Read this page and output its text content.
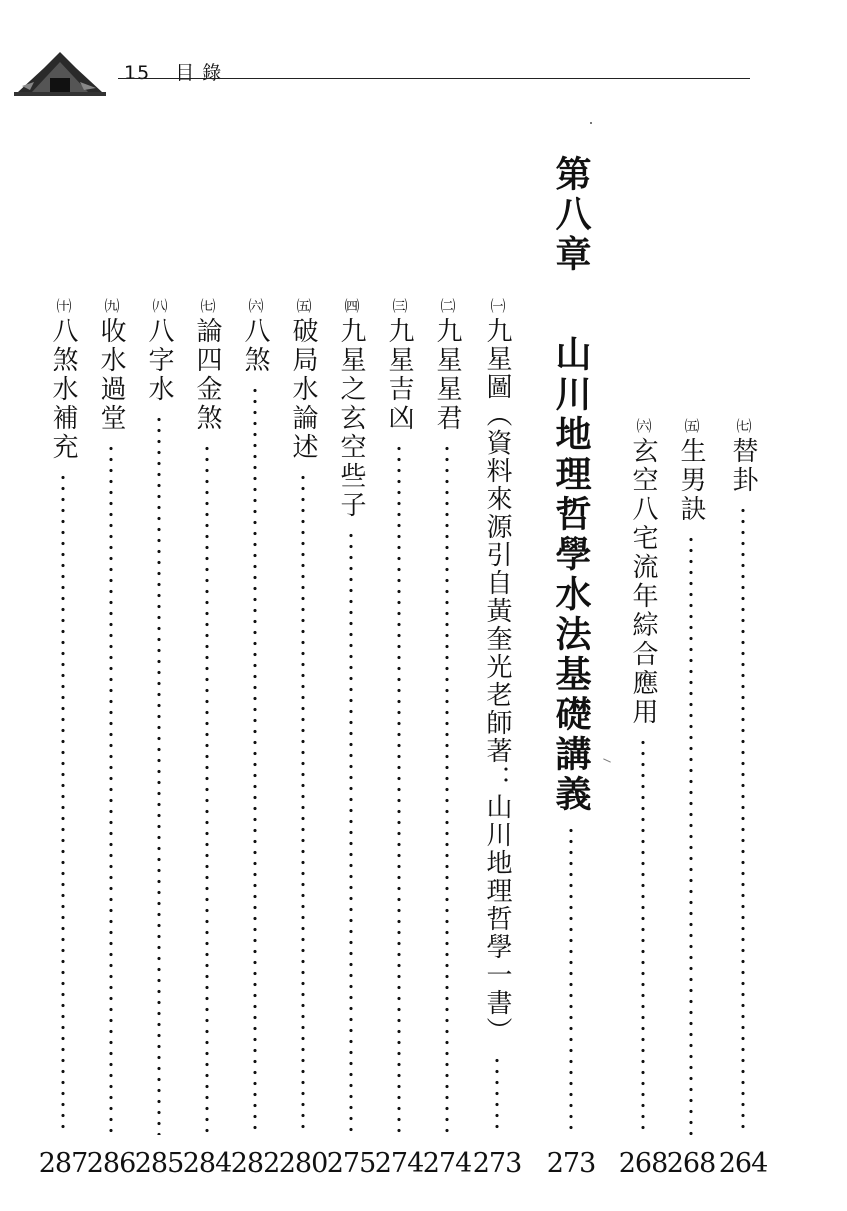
15 目 錄
㈦
替卦
㈤
生男訣
㈥
玄空八宅流年綜合應用
第八章
山川地理哲學水法基礎講義
㈠
九星圖（資料來源引自黃奎光老師著：山川地理哲學一書）
㈡
九星星君
㈢
九星吉凶
㈣
九星之玄空些子
㈤
破局水論述
㈥
八煞
㈦
論四金煞
㈧
八字水
㈨
收水過堂
㈩
八煞水補充
264
268
268
273
273
274
274
275
280
282
284
285
286
287
